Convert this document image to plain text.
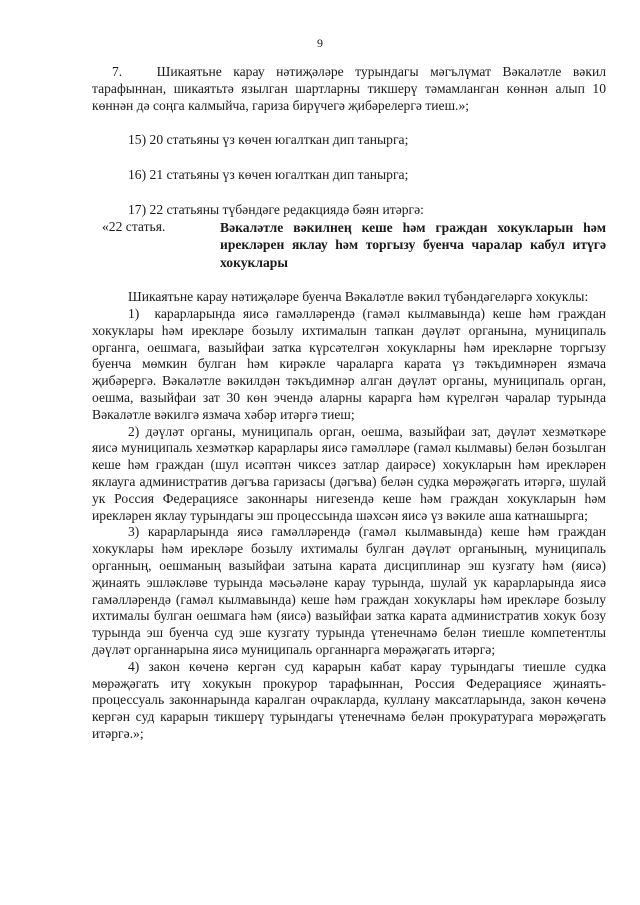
9

7.   Шикаятьне карау нәтиҗәләре турындагы мәгълүмат Вәкаләтле вәкил тарафыннан, шикаятьтә язылган шартларны тикшерү тәмамланган көннән алып 10 көннән дә соңга калмыйча, гариза бирүчегә җибәрелергә тиеш.»;

15) 20 статьяны үз көчен югалткан дип танырга;

16) 21 статьяны үз көчен югалткан дип танырга;

17) 22 статьяны түбәндәге редакциядә бәян итәргә:

«22 статья.	Вәкаләтле вәкилнең кеше һәм граждан хокукларын һәм ирекләрен яклау һәм торгызу буенча чаралар кабул итүгә хокуклары

Шикаятьне карау нәтиҗәләре буенча Вәкаләтле вәкил түбәндәгеләргә хокуклы:

1)  карарларында яисә гамәлләрендә (гамәл кылмавында) кеше һәм граждан хокуклары һәм ирекләре бозылу ихтималын тапкан дәүләт органына, муниципаль органга, оешмага, вазыйфаи затка күрсәтелгән хокукларны һәм ирекләрне торгызу буенча мөмкин булган һәм кирәкле чараларга карата үз тәкъдимнәрен язмача җибәрергә. Вәкаләтле вәкилдән тәкъдимнәр алган дәүләт органы, муниципаль орган, оешма, вазыйфаи зат 30 көн эчендә аларны карарга һәм күрелгән чаралар турында Вәкаләтле вәкилгә язмача хәбәр итәргә тиеш;

2) дәүләт органы, муниципаль орган, оешма, вазыйфаи зат, дәүләт хезмәткәре яисә муниципаль хезмәткәр карарлары яисә гамәлләре (гамәл кылмавы) белән бозылган кеше һәм граждан (шул исәптән чиксез затлар даирәсе) хокукларын һәм ирекләрен яклауга административ дәгъва гаризасы (дәгъва) белән судка мөрәҗәгать итәргә, шулай ук Россия Федерациясе законнары нигезендә кеше һәм граждан хокукларын һәм ирекләрен яклау турындагы эш процессында шәхсән яисә үз вәкиле аша катнашырга;

3) карарларында яисә гамәлләрендә (гамәл кылмавында) кеше һәм граждан хокуклары һәм ирекләре бозылу ихтималы булган дәүләт органының, муниципаль органның, оешманың вазыйфаи затына карата дисциплинар эш кузгату һәм (яисә) җинаять эшләкләве турында мәсьәләне карау турында, шулай ук карарларында яисә гамәлләрендә (гамәл кылмавында) кеше һәм граждан хокуклары һәм ирекләре бозылу ихтималы булган оешмага һәм (яисә) вазыйфаи затка карата административ хокук бозу турында эш буенча суд эше кузгату турында үтенечнамә белән тиешле компетентлы дәүләт органнарына яисә муниципаль органнарга мөрәҗәгать итәргә;

4) закон көченә кергән суд карарын кабат карау турындагы тиешле судка мөрәҗәгать итү хокукын прокурор тарафыннан, Россия Федерациясе җинаять-процессуаль законнарында каралган очракларда, куллану максатларында, закон көченә кергән суд карарын тикшерү турындагы үтенечнамә белән прокуратурага мөрәҗәгать итәргә.»;
